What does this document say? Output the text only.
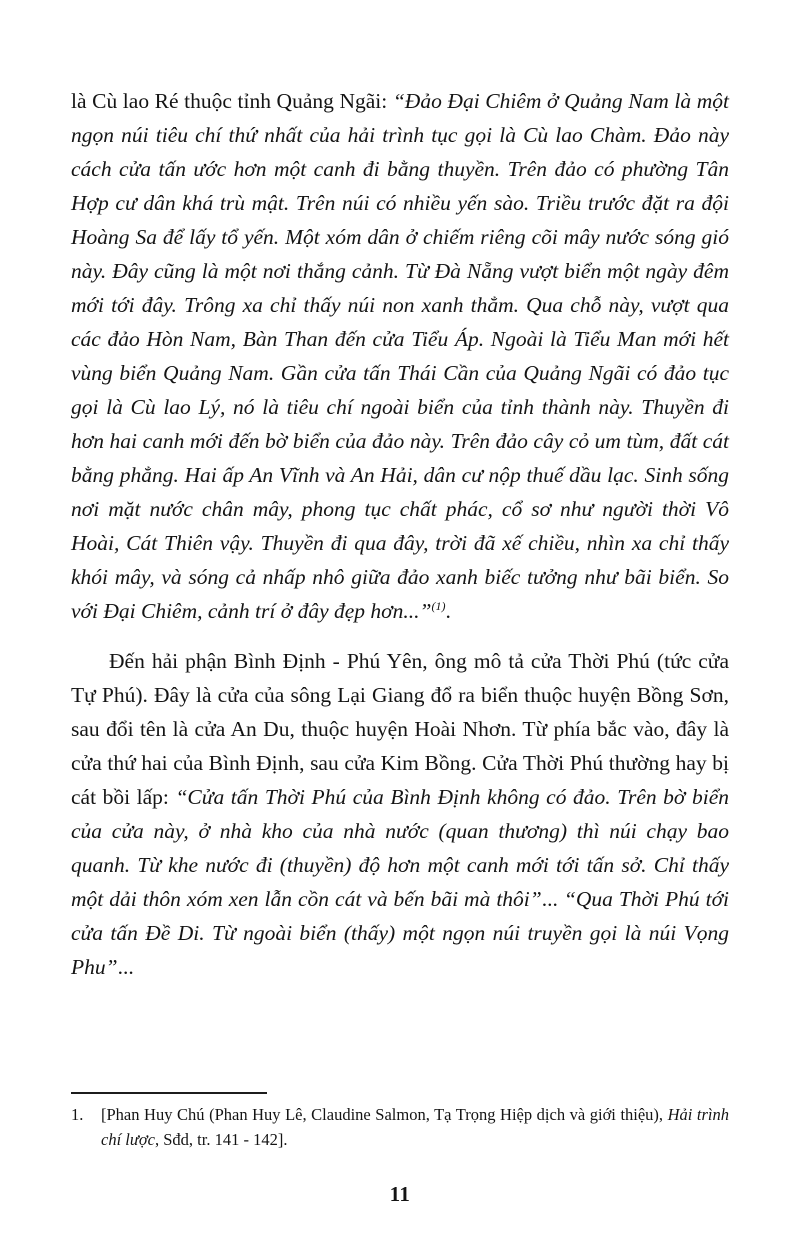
là Cù lao Ré thuộc tỉnh Quảng Ngãi: “Đảo Đại Chiêm ở Quảng Nam là một ngọn núi tiêu chí thứ nhất của hải trình tục gọi là Cù lao Chàm. Đảo này cách cửa tấn ước hơn một canh đi bằng thuyền. Trên đảo có phường Tân Hợp cư dân khá trù mật. Trên núi có nhiều yến sào. Triều trước đặt ra đội Hoàng Sa để lấy tổ yến. Một xóm dân ở chiếm riêng cõi mây nước sóng gió này. Đây cũng là một nơi thắng cảnh. Từ Đà Nẵng vượt biển một ngày đêm mới tới đây. Trông xa chỉ thấy núi non xanh thẳm. Qua chỗ này, vượt qua các đảo Hòn Nam, Bàn Than đến cửa Tiểu Áp. Ngoài là Tiểu Man mới hết vùng biển Quảng Nam. Gần cửa tấn Thái Cần của Quảng Ngãi có đảo tục gọi là Cù lao Lý, nó là tiêu chí ngoài biển của tỉnh thành này. Thuyền đi hơn hai canh mới đến bờ biển của đảo này. Trên đảo cây cỏ um tùm, đất cát bằng phẳng. Hai ấp An Vĩnh và An Hải, dân cư nộp thuế dầu lạc. Sinh sống nơi mặt nước chân mây, phong tục chất phác, cổ sơ như người thời Vô Hoài, Cát Thiên vậy. Thuyền đi qua đây, trời đã xế chiều, nhìn xa chỉ thấy khói mây, và sóng cả nhấp nhô giữa đảo xanh biếc tưởng như bãi biển. So với Đại Chiêm, cảnh trí ở đây đẹp hơn...”$^{(1)}$.

Đến hải phận Bình Định - Phú Yên, ông mô tả cửa Thời Phú (tức cửa Tự Phú). Đây là cửa của sông Lại Giang đổ ra biển thuộc huyện Bồng Sơn, sau đổi tên là cửa An Du, thuộc huyện Hoài Nhơn. Từ phía bắc vào, đây là cửa thứ hai của Bình Định, sau cửa Kim Bồng. Cửa Thời Phú thường hay bị cát bồi lấp: “Cửa tấn Thời Phú của Bình Định không có đảo. Trên bờ biển của cửa này, ở nhà kho của nhà nước (quan thương) thì núi chạy bao quanh. Từ khe nước đi (thuyền) độ hơn một canh mới tới tấn sở. Chỉ thấy một dải thôn xóm xen lẫn cồn cát và bến bãi mà thôi”... “Qua Thời Phú tới cửa tấn Đề Di. Từ ngoài biển (thấy) một ngọn núi truyền gọi là núi Vọng Phu”...

1.	[Phan Huy Chú (Phan Huy Lê, Claudine Salmon, Tạ Trọng Hiệp dịch và giới thiệu), Hải trình chí lược, Sđd, tr. 141 - 142].
11
